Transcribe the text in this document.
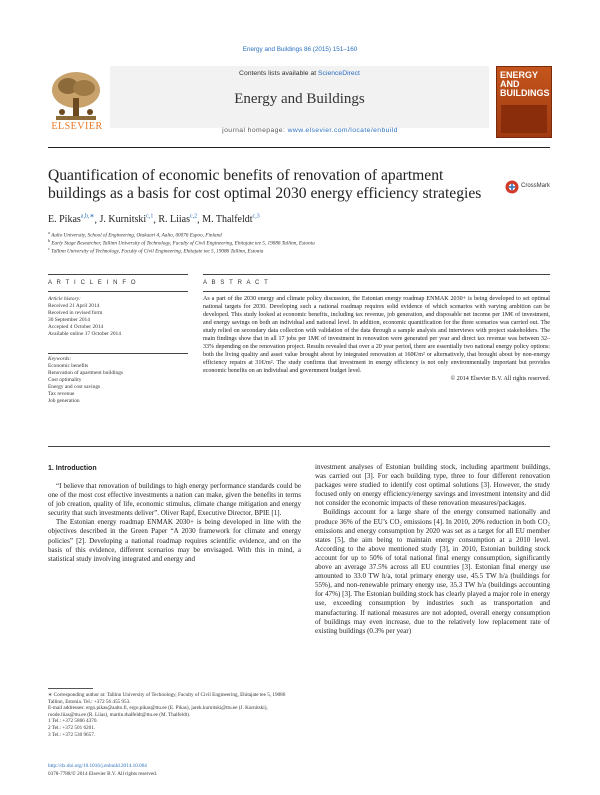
Energy and Buildings 86 (2015) 151–160
Contents lists available at ScienceDirect
Energy and Buildings
journal homepage: www.elsevier.com/locate/enbuild
ELSEVIER
ENERGY AND BUILDINGS
Quantification of economic benefits of renovation of apartment buildings as a basis for cost optimal 2030 energy efficiency strategies	CrossMark
E. Pikas$^{a,b,∗}$, J. Kurnitski$^{c,1}$, R. Liias$^{c,2}$, M. Thalfeldt$^{c,3}$
$^a$ Aalto University, School of Engineering, Otakaari 4, Aalto, 00076 Espoo, Finland
$^b$ Early Stage Researcher, Tallinn University of Technology, Faculty of Civil Engineering, Ehitajate tee 5, 19086 Tallinn, Estonia
$^c$ Tallinn University of Technology, Faculty of Civil Engineering, Ehitajate tee 5, 19086 Tallinn, Estonia
A R T I C L E I N F O
Article history:
Received 21 April 2014
Received in revised form
30 September 2014
Accepted 4 October 2014
Available online 17 October 2014
Keywords:
Economic benefits
Renovation of apartment buildings
Cost optimality
Energy and cost savings
Tax revenue
Job generation
A B S T R A C T
As a part of the 2030 energy and climate policy discussion, the Estonian energy roadmap ENMAK 2030+ is being developed to set optimal national targets for 2030. Developing such a national roadmap requires solid evidence of which scenarios with varying ambition can be developed. This study looked at economic benefits, including tax revenue, job generation, and disposable net income per 1M€ of investment, and energy savings on both an individual and national level. In addition, economic quantification for the three scenarios was carried out. The study relied on secondary data collection with validation of the data through a sample analysis and interviews with project stakeholders. The main findings show that in all 17 jobs per 1M€ of investment in renovation were generated per year and direct tax revenue was between 32–33% depending on the renovation project. Results revealed that over a 20 year period, there are essentially two national energy policy options: both the living quality and asset value brought about by integrated renovation at 160€/m² or alternatively, that brought about by non-energy efficiency repairs at 31€/m². The study confirms that investment in energy efficiency is not only environmentally important but provides economic benefits on an individual and government budget level.
© 2014 Elsevier B.V. All rights reserved.
1. Introduction

“I believe that renovation of buildings to high energy performance standards could be one of the most cost effective investments a nation can make, given the benefits in terms of job creation, quality of life, economic stimulus, climate change mitigation and energy security that such investments deliver”. Oliver Rapf, Executive Director, BPIE [1].

The Estonian energy roadmap ENMAK 2030+ is being developed in line with the objectives described in the Green Paper “A 2030 framework for climate and energy policies” [2]. Developing a national roadmap requires scientific evidence, and on the basis of this evidence, different scenarios may be envisaged. With this in mind, a statistical study involving integrated and energy and

investment analyses of Estonian building stock, including apartment buildings, was carried out [3]. For each building type, three to four different renovation packages were studied to identify cost optimal solutions [3]. However, the study focused only on energy efficiency/energy savings and investment intensity and did not consider the economic impacts of these renovation measures/packages.

Buildings account for a large share of the energy consumed nationally and produce 36% of the EU’s CO₂ emissions [4]. In 2010, 20% reduction in both CO₂ emissions and energy consumption by 2020 was set as a target for all EU member states [5], the aim being to maintain energy consumption at a 2010 level. According to the above mentioned study [3], in 2010, Estonian building stock account for up to 50% of total national final energy consumption, significantly above an average 37.5% across all EU countries [3]. Estonian final energy use amounted to 33.0 TW h/a, total primary energy use, 45.5 TW h/a (buildings for 55%), and non-renewable primary energy use, 35.3 TW h/a (buildings accounting for 47%) [3]. The Estonian building stock has clearly played a major role in energy use, exceeding consumption by industries such as transportation and manufacturing. If national measures are not adopted, overall energy consumption of buildings may even increase, due to the relatively low replacement rate of existing buildings (0.3% per year)

∗ Corresponding author at: Tallinn University of Technology, Faculty of Civil Engineering, Ehitajate tee 5, 19086 Tallinn, Estonia. Tel.: +372 56 455 953.
E-mail addresses: ergo.pikas@aalto.fi, ergo.pikas@ttu.ee (E. Pikas), jarek.kurnitski@ttu.ee (J. Kurnitski), roode.liias@ttu.ee (R. Liias), martin.thalfeldt@ttu.ee (M. Thalfeldt).
1 Tel.: +372 5866 4370.
2 Tel.: +372 501 6201.
3 Tel.: +372 530 9657.
http://dx.doi.org/10.1016/j.enbuild.2014.10.004
0378-7788/© 2014 Elsevier B.V. All rights reserved.
